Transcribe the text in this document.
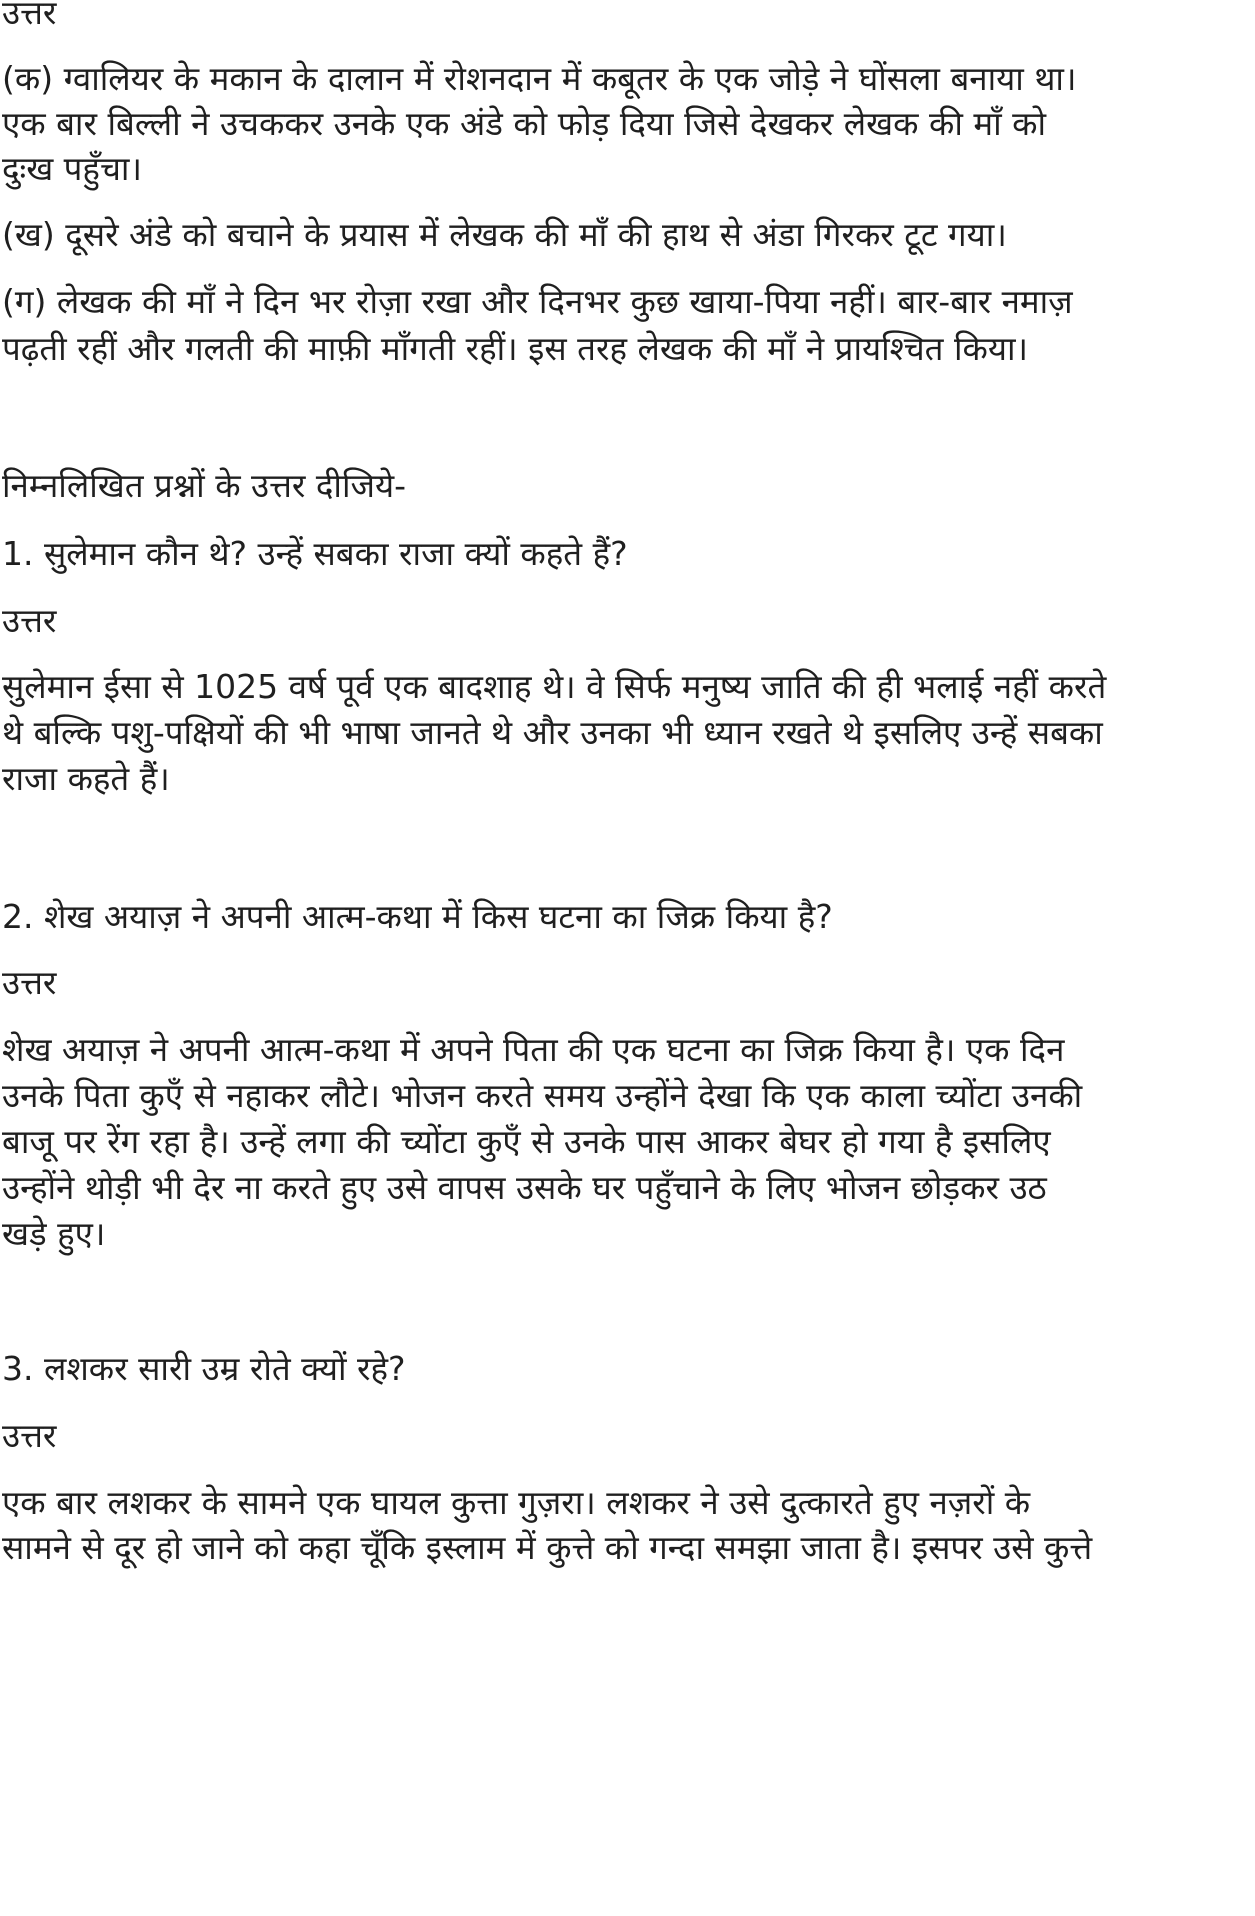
उत्तर

(क) ग्वालियर के मकान के दालान में रोशनदान में कबूतर के एक जोड़े ने घोंसला बनाया था।

एक बार बिल्ली ने उचककर उनके एक अंडे को फोड़ दिया जिसे देखकर लेखक की माँ को

दुःख पहुँचा।

(ख) दूसरे अंडे को बचाने के प्रयास में लेखक की माँ की हाथ से अंडा गिरकर टूट गया।

(ग) लेखक की माँ ने दिन भर रोज़ा रखा और दिनभर कुछ खाया-पिया नहीं। बार-बार नमाज़

पढ़ती रहीं और गलती की माफ़ी माँगती रहीं। इस तरह लेखक की माँ ने प्रायश्चित किया।

निम्नलिखित प्रश्नों के उत्तर दीजिये-

1. सुलेमान कौन थे? उन्हें सबका राजा क्यों कहते हैं?

उत्तर

सुलेमान ईसा से 1025 वर्ष पूर्व एक बादशाह थे। वे सिर्फ मनुष्य जाति की ही भलाई नहीं करते

थे बल्कि पशु-पक्षियों की भी भाषा जानते थे और उनका भी ध्यान रखते थे इसलिए उन्हें सबका

राजा कहते हैं।

2. शेख अयाज़ ने अपनी आत्म-कथा में किस घटना का जिक्र किया है?

उत्तर

शेख अयाज़ ने अपनी आत्म-कथा में अपने पिता की एक घटना का जिक्र किया है। एक दिन

उनके पिता कुएँ से नहाकर लौटे। भोजन करते समय उन्होंने देखा कि एक काला च्योंटा उनकी

बाजू पर रेंग रहा है। उन्हें लगा की च्योंटा कुएँ से उनके पास आकर बेघर हो गया है इसलिए

उन्होंने थोड़ी भी देर ना करते हुए उसे वापस उसके घर पहुँचाने के लिए भोजन छोड़कर उठ

खड़े हुए।

3. लशकर सारी उम्र रोते क्यों रहे?

उत्तर

एक बार लशकर के सामने एक घायल कुत्ता गुज़रा। लशकर ने उसे दुत्कारते हुए नज़रों के

सामने से दूर हो जाने को कहा चूँकि इस्लाम में कुत्ते को गन्दा समझा जाता है। इसपर उसे कुत्ते
